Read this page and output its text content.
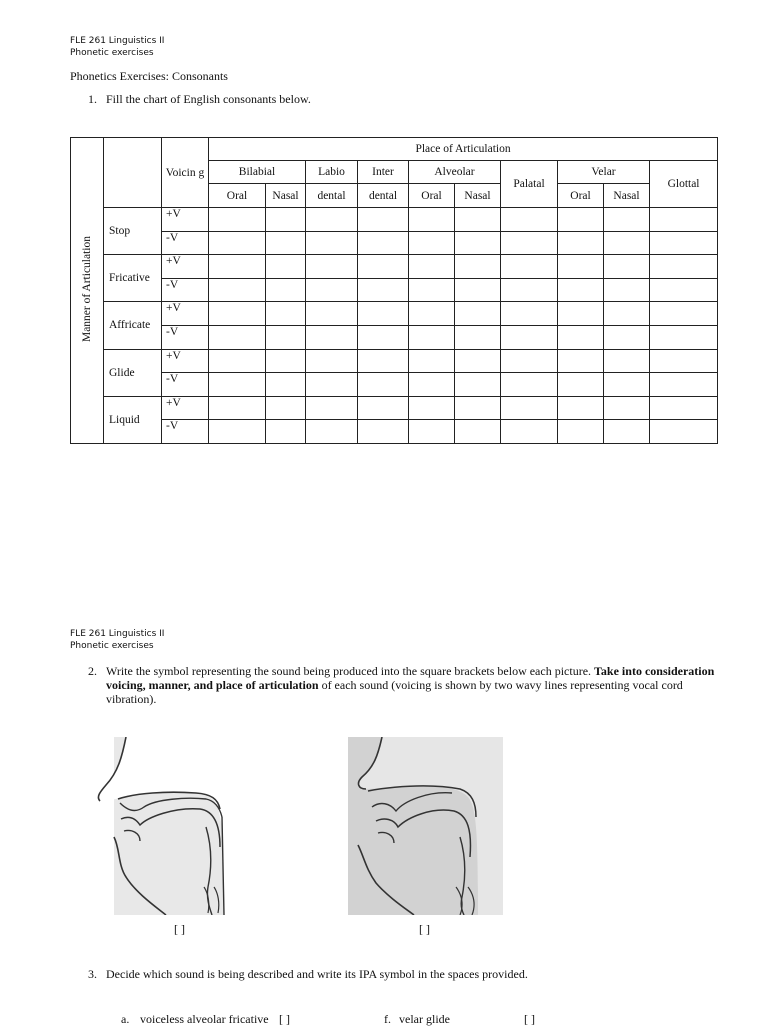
FLE 261 Linguistics II
Phonetic exercises
Phonetics Exercises: Consonants
1. Fill the chart of English consonants below.
Manner of Articulation		Voicin g	Place of Articulation									
			Bilabial		Labio	Inter	Alveolar		Palatal	Velar		Glottal
			Oral	Nasal	dental	dental	Oral	Nasal		Oral	Nasal	
	Stop	+V										
		-V										
	Fricative	+V										
		-V										
	Affricate	+V										
		-V										
	Glide	+V										
		-V										
	Liquid	+V										
		-V										
FLE 261 Linguistics II
Phonetic exercises
2. Write the symbol representing the sound being produced into the square brackets below each picture. Take into consideration voicing, manner, and place of articulation of each sound (voicing is shown by two wavy lines representing vocal cord vibration).
[ ]	[ ]
3. Decide which sound is being described and write its IPA symbol in the spaces provided.
a. voiceless alveolar fricative [ ]	f. velar glide	[ ]
